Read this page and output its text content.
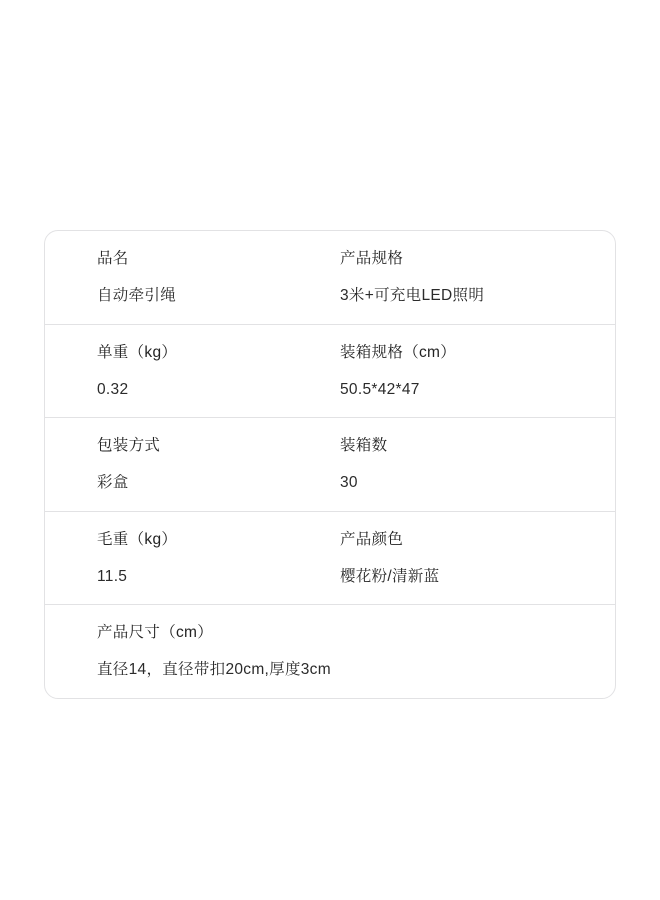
品名
自动牵引绳
产品规格
3米+可充电LED照明
单重（kg）
0.32
装箱规格（cm）
50.5*42*47
包装方式
彩盒
装箱数
30
毛重（kg）
11.5
产品颜色
樱花粉/清新蓝
产品尺寸（cm）
直径14，直径带扣20cm,厚度3cm
